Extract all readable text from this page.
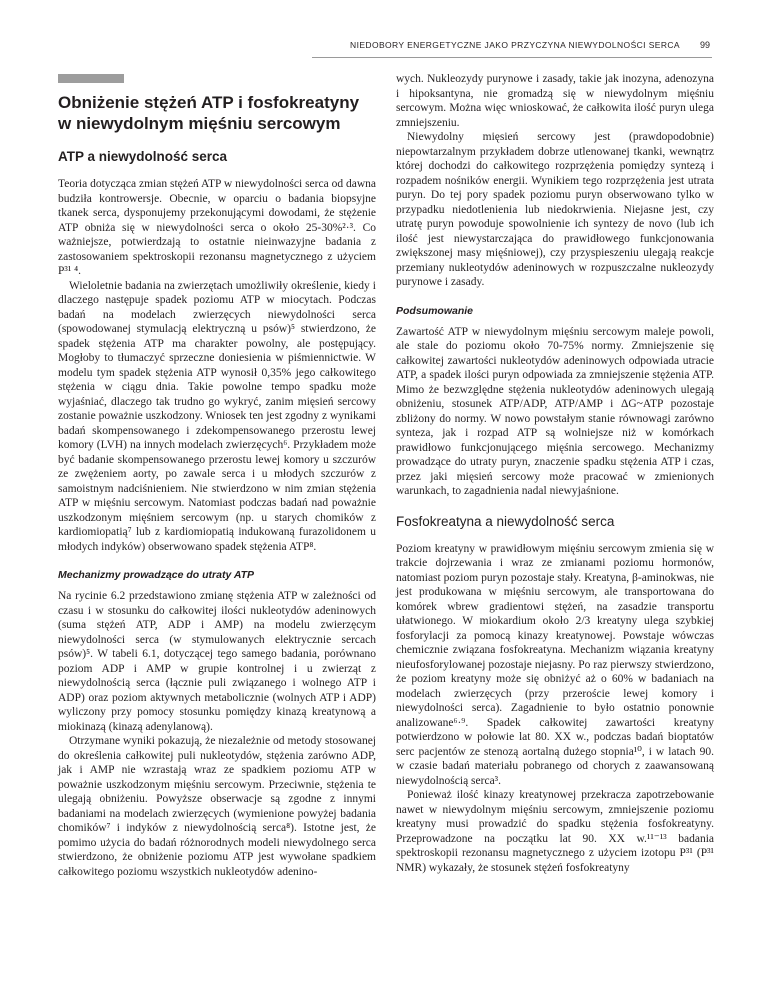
NIEDOBORY ENERGETYCZNE JAKO PRZYCZYNA NIEWYDOLNOŚCI SERCA 99
Obniżenie stężeń ATP i fosfokreatyny w niewydolnym mięśniu sercowym
ATP a niewydolność serca

Teoria dotycząca zmian stężeń ATP w niewydolności serca od dawna budziła kontrowersje. Obecnie, w oparciu o badania biopsyjne tkanek serca, dysponujemy przekonującymi dowodami, że stężenie ATP obniża się w niewydolności serca o około 25-30%²·³. Co ważniejsze, potwierdzają to ostatnie nieinwazyjne badania z zastosowaniem spektroskopii rezonansu magnetycznego z użyciem P³¹ ⁴.

Wieloletnie badania na zwierzętach umożliwiły określenie, kiedy i dlaczego następuje spadek poziomu ATP w miocytach. Podczas badań na modelach zwierzęcych niewydolności serca (spowodowanej stymulacją elektryczną u psów)⁵ stwierdzono, że spadek stężenia ATP ma charakter powolny, ale postępujący. Mogłoby to tłumaczyć sprzeczne doniesienia w piśmiennictwie. W modelu tym spadek stężenia ATP wynosił 0,35% jego całkowitego stężenia w ciągu dnia. Takie powolne tempo spadku może wyjaśniać, dlaczego tak trudno go wykryć, zanim mięsień sercowy zostanie poważnie uszkodzony. Wniosek ten jest zgodny z wynikami badań skompensowanego i zdekompensowanego przerostu lewej komory (LVH) na innych modelach zwierzęcych⁶. Przykładem może być badanie skompensowanego przerostu lewej komory u szczurów ze zwężeniem aorty, po zawale serca i u młodych szczurów z samoistnym nadciśnieniem. Nie stwierdzono w nim zmian stężenia ATP w mięśniu sercowym. Natomiast podczas badań nad poważnie uszkodzonym mięśniem sercowym (np. u starych chomików z kardiomiopatią⁷ lub z kardiomiopatią indukowaną furazolidonem u młodych indyków) obserwowano spadek stężenia ATP⁸.

Mechanizmy prowadzące do utraty ATP

Na rycinie 6.2 przedstawiono zmianę stężenia ATP w zależności od czasu i w stosunku do całkowitej ilości nukleotydów adeninowych (suma stężeń ATP, ADP i AMP) na modelu zwierzęcym niewydolności serca (w stymulowanych elektrycznie sercach psów)⁵. W tabeli 6.1, dotyczącej tego samego badania, porównano poziom ADP i AMP w grupie kontrolnej i u zwierząt z niewydolnością serca (łącznie puli związanego i wolnego ATP i ADP) oraz poziom aktywnych metabolicznie (wolnych ATP i ADP) wyliczony przy pomocy stosunku pomiędzy kinazą kreatynową a miokinazą (kinazą adenylanową).

Otrzymane wyniki pokazują, że niezależnie od metody stosowanej do określenia całkowitej puli nukleotydów, stężenia zarówno ADP, jak i AMP nie wzrastają wraz ze spadkiem poziomu ATP w poważnie uszkodzonym mięśniu sercowym. Przeciwnie, stężenia te ulegają obniżeniu. Powyższe obserwacje są zgodne z innymi badaniami na modelach zwierzęcych (wymienione powyżej badania chomików⁷ i indyków z niewydolnością serca⁸). Istotne jest, że pomimo użycia do badań różnorodnych modeli niewydolnego serca stwierdzono, że obniżenie poziomu ATP jest wywołane spadkiem całkowitego poziomu wszystkich nukleotydów adenino-

wych. Nukleozydy purynowe i zasady, takie jak inozyna, adenozyna i hipoksantyna, nie gromadzą się w niewydolnym mięśniu sercowym. Można więc wnioskować, że całkowita ilość puryn ulega zmniejszeniu.

Niewydolny mięsień sercowy jest (prawdopodobnie) niepowtarzalnym przykładem dobrze utlenowanej tkanki, wewnątrz której dochodzi do całkowitego rozprzężenia pomiędzy syntezą i rozpadem nośników energii. Wynikiem tego rozprzężenia jest utrata puryn. Do tej pory spadek poziomu puryn obserwowano tylko w przypadku niedotlenienia lub niedokrwienia. Niejasne jest, czy utratę puryn powoduje spowolnienie ich syntezy de novo (lub ich ilość jest niewystarczająca do prawidłowego funkcjonowania zwiększonej masy mięśniowej), czy przyspieszeniu ulegają reakcje przemiany nukleotydów adeninowych w rozpuszczalne nukleozydy purynowe i zasady.

Podsumowanie

Zawartość ATP w niewydolnym mięśniu sercowym maleje powoli, ale stale do poziomu około 70-75% normy. Zmniejszenie się całkowitej zawartości nukleotydów adeninowych odpowiada utracie ATP, a spadek ilości puryn odpowiada za zmniejszenie stężenia ATP. Mimo że bezwzględne stężenia nukleotydów adeninowych ulegają obniżeniu, stosunek ATP/ADP, ATP/AMP i ΔG~ATP pozostaje zbliżony do normy. W nowo powstałym stanie równowagi zarówno synteza, jak i rozpad ATP są wolniejsze niż w komórkach prawidłowo funkcjonującego mięśnia sercowego. Mechanizmy prowadzące do utraty puryn, znaczenie spadku stężenia ATP i czas, przez jaki mięsień sercowy może pracować w zmienionych warunkach, to zagadnienia nadal niewyjaśnione.

Fosfokreatyna a niewydolność serca

Poziom kreatyny w prawidłowym mięśniu sercowym zmienia się w trakcie dojrzewania i wraz ze zmianami poziomu hormonów, natomiast poziom puryn pozostaje stały. Kreatyna, β-aminokwas, nie jest produkowana w mięśniu sercowym, ale transportowana do komórek wbrew gradientowi stężeń, na zasadzie transportu ułatwionego. W miokardium około 2/3 kreatyny ulega szybkiej fosforylacji za pomocą kinazy kreatynowej. Powstaje wówczas chemicznie związana fosfokreatyna. Mechanizm wiązania kreatyny nieufosforylowanej pozostaje niejasny. Po raz pierwszy stwierdzono, że poziom kreatyny może się obniżyć aż o 60% w badaniach na modelach zwierzęcych (przy przeroście lewej komory i niewydolności serca). Zagadnienie to było ostatnio ponownie analizowane⁶·⁹. Spadek całkowitej zawartości kreatyny potwierdzono w połowie lat 80. XX w., podczas badań bioptatów serc pacjentów ze stenozą aortalną dużego stopnia¹⁰, i w latach 90. w czasie badań materiału pobranego od chorych z zaawansowaną niewydolnością serca³.

Ponieważ ilość kinazy kreatynowej przekracza zapotrzebowanie nawet w niewydolnym mięśniu sercowym, zmniejszenie poziomu kreatyny musi prowadzić do spadku stężenia fosfokreatyny. Przeprowadzone na początku lat 90. XX w.¹¹⁻¹³ badania spektroskopii rezonansu magnetycznego z użyciem izotopu P³¹ (P³¹ NMR) wykazały, że stosunek stężeń fosfokreatyny
